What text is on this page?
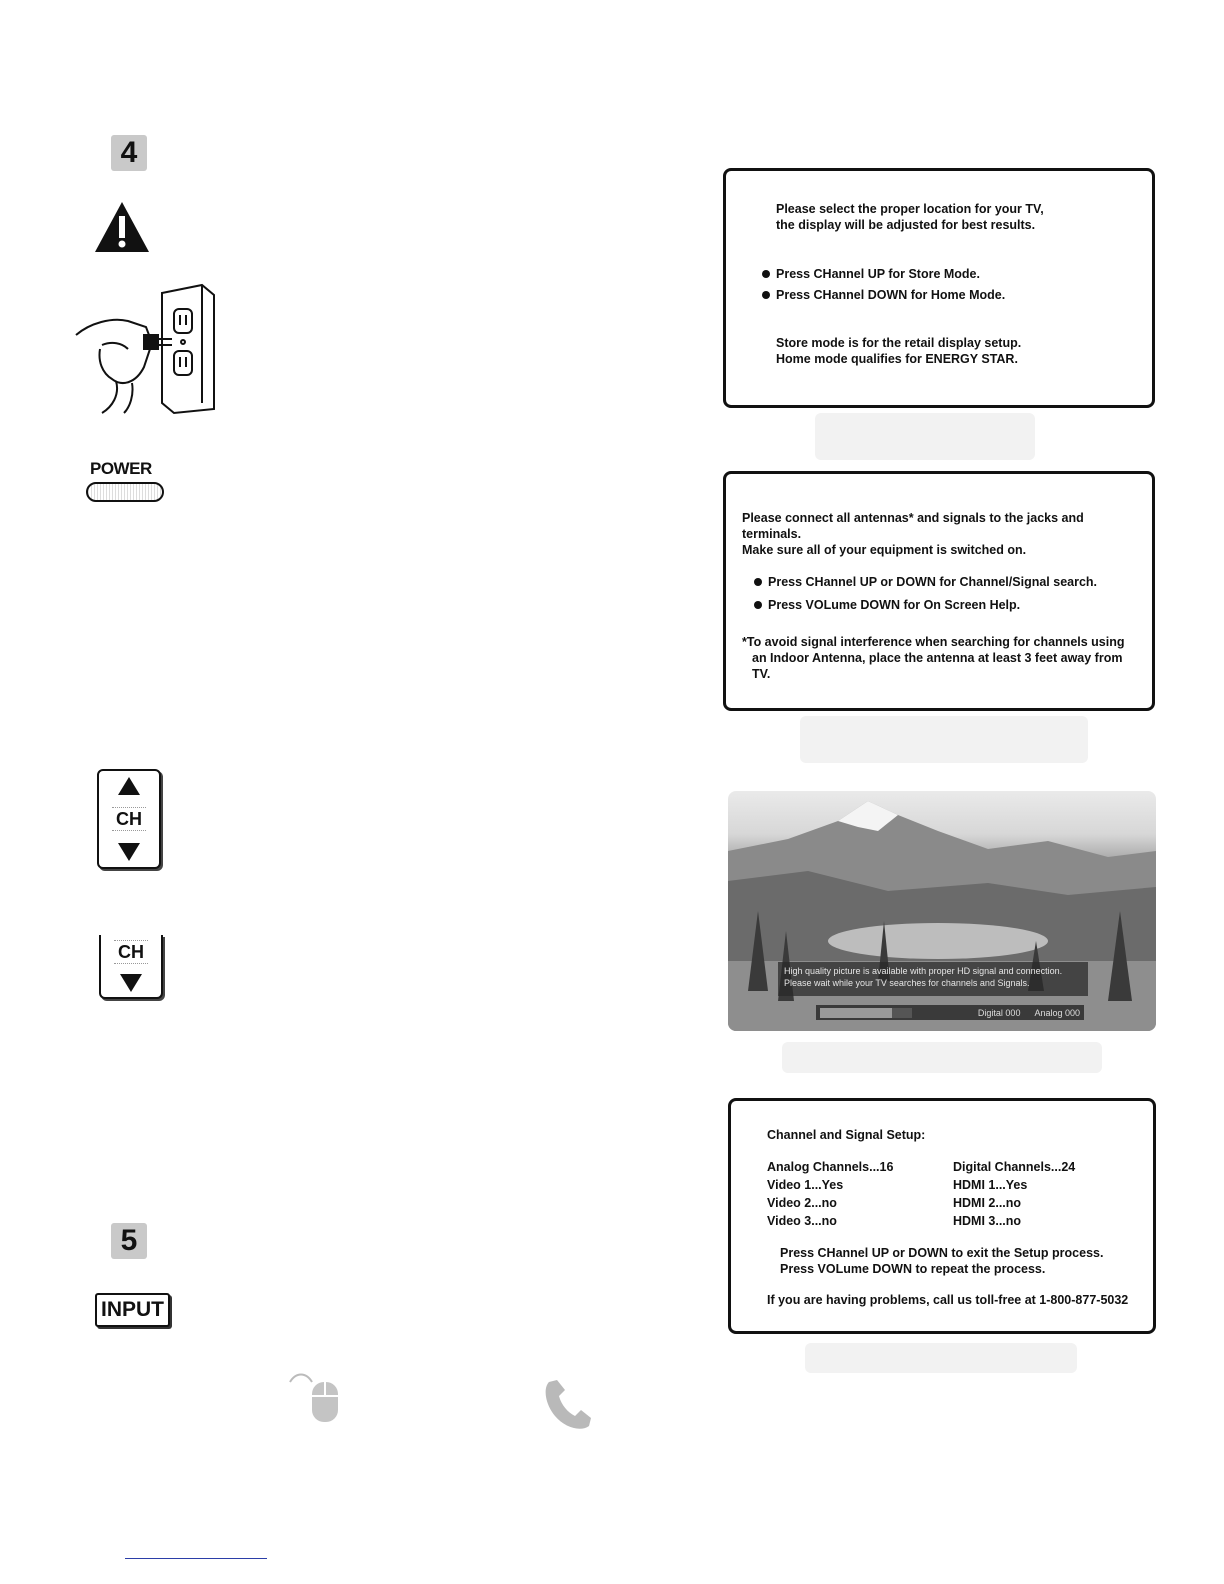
4
POWER
CH
CH
5
INPUT

Please select the proper location for your TV,

the display will be adjusted for best results.

Press CHannel UP for Store Mode.

Press CHannel DOWN for Home Mode.

Store mode is for the retail display setup.

Home mode qualifies for ENERGY STAR.

Please connect all antennas* and signals to the jacks and terminals.

Make sure all of your equipment is switched on.

Press CHannel UP or DOWN for Channel/Signal search.

Press VOLume DOWN for On Screen Help.

*To avoid signal interference when searching for channels using

an Indoor Antenna, place the antenna at least 3 feet away from TV.

High quality picture is available with proper HD signal and connection.
Please wait while your TV searches for channels and Signals.
Digital 000 Analog 000

Channel and Signal Setup:

Analog Channels...16
Video 1...Yes
Video 2...no
Video 3...no
Digital Channels...24
HDMI 1...Yes
HDMI 2...no
HDMI 3...no

Press CHannel UP or DOWN to exit the Setup process.

Press VOLume DOWN to repeat the process.

If you are having problems, call us toll-free at 1-800-877-5032
